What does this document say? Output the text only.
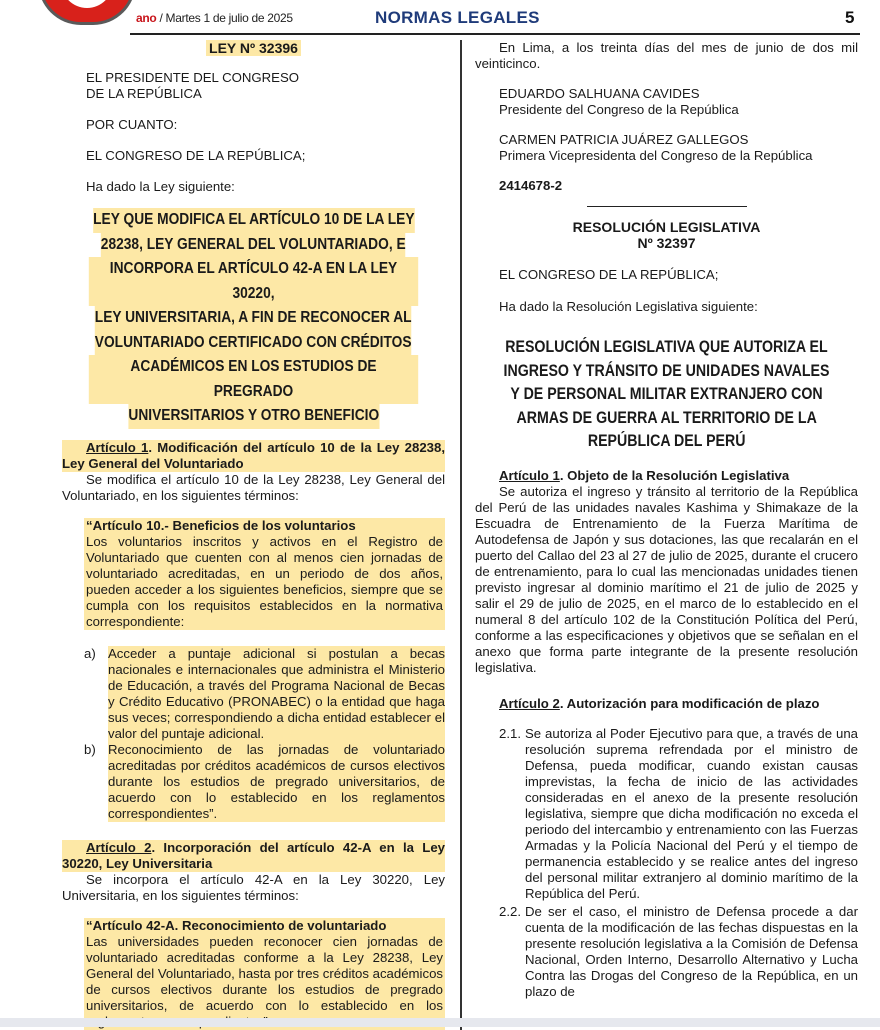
ano / Martes 1 de julio de 2025	NORMAS LEGALES	5
LEY Nº 32396

EL PRESIDENTE DEL CONGRESO

DE LA REPÚBLICA

POR CUANTO:

EL CONGRESO DE LA REPÚBLICA;

Ha dado la Ley siguiente:

LEY QUE MODIFICA EL ARTÍCULO 10 DE LA LEY
28238, LEY GENERAL DEL VOLUNTARIADO, E
INCORPORA EL ARTÍCULO 42-A EN LA LEY 30220,
LEY UNIVERSITARIA, A FIN DE RECONOCER AL
VOLUNTARIADO CERTIFICADO CON CRÉDITOS
ACADÉMICOS EN LOS ESTUDIOS DE PREGRADO
UNIVERSITARIOS Y OTRO BENEFICIO

Artículo 1. Modificación del artículo 10 de la Ley 28238, Ley General del Voluntariado

Se modifica el artículo 10 de la Ley 28238, Ley General del Voluntariado, en los siguientes términos:

“Artículo 10.- Beneficios de los voluntarios

Los voluntarios inscritos y activos en el Registro de Voluntariado que cuenten con al menos cien jornadas de voluntariado acreditadas, en un periodo de dos años, pueden acceder a los siguientes beneficios, siempre que se cumpla con los requisitos establecidos en la normativa correspondiente:

a) Acceder a puntaje adicional si postulan a becas nacionales e internacionales que administra el Ministerio de Educación, a través del Programa Nacional de Becas y Crédito Educativo (PRONABEC) o la entidad que haga sus veces; correspondiendo a dicha entidad establecer el valor del puntaje adicional.
b) Reconocimiento de las jornadas de voluntariado acreditadas por créditos académicos de cursos electivos durante los estudios de pregrado universitarios, de acuerdo con lo establecido en los reglamentos correspondientes”.

Artículo 2. Incorporación del artículo 42-A en la Ley 30220, Ley Universitaria

Se incorpora el artículo 42-A en la Ley 30220, Ley Universitaria, en los siguientes términos:

“Artículo 42-A. Reconocimiento de voluntariado

Las universidades pueden reconocer cien jornadas de voluntariado acreditadas conforme a la Ley 28238, Ley General del Voluntariado, hasta por tres créditos académicos de cursos electivos durante los estudios de pregrado universitarios, de acuerdo con lo establecido en los

En Lima, a los treinta días del mes de junio de dos mil veinticinco.

EDUARDO SALHUANA CAVIDES

Presidente del Congreso de la República

CARMEN PATRICIA JUÁREZ GALLEGOS

Primera Vicepresidenta del Congreso de la República

2414678-2

RESOLUCIÓN LEGISLATIVA

Nº 32397

EL CONGRESO DE LA REPÚBLICA;

Ha dado la Resolución Legislativa siguiente:

RESOLUCIÓN LEGISLATIVA QUE AUTORIZA EL
INGRESO Y TRÁNSITO DE UNIDADES NAVALES
Y DE PERSONAL MILITAR EXTRANJERO CON
ARMAS DE GUERRA AL TERRITORIO DE LA
REPÚBLICA DEL PERÚ

Artículo 1. Objeto de la Resolución Legislativa

Se autoriza el ingreso y tránsito al territorio de la República del Perú de las unidades navales Kashima y Shimakaze de la Escuadra de Entrenamiento de la Fuerza Marítima de Autodefensa de Japón y sus dotaciones, las que recalarán en el puerto del Callao del 23 al 27 de julio de 2025, durante el crucero de entrenamiento, para lo cual las mencionadas unidades tienen previsto ingresar al dominio marítimo el 21 de julio de 2025 y salir el 29 de julio de 2025, en el marco de lo establecido en el numeral 8 del artículo 102 de la Constitución Política del Perú, conforme a las especificaciones y objetivos que se señalan en el anexo que forma parte integrante de la presente resolución legislativa.

Artículo 2. Autorización para modificación de plazo

2.1. Se autoriza al Poder Ejecutivo para que, a través de una resolución suprema refrendada por el ministro de Defensa, pueda modificar, cuando existan causas imprevistas, la fecha de inicio de las actividades consideradas en el anexo de la presente resolución legislativa, siempre que dicha modificación no exceda el periodo del intercambio y entrenamiento con las Fuerzas Armadas y la Policía Nacional del Perú y el tiempo de permanencia establecido y se realice antes del ingreso del personal militar extranjero al dominio marítimo de la República del Perú.
2.2. De ser el caso, el ministro de Defensa procede a dar cuenta de la modificación de las fechas dispuestas en la presente resolución legislativa a la Comisión de Defensa Nacional, Orden Interno, Desarrollo Alternativo y Lucha Contra las Drogas del Congreso de la República, en un plazo de
